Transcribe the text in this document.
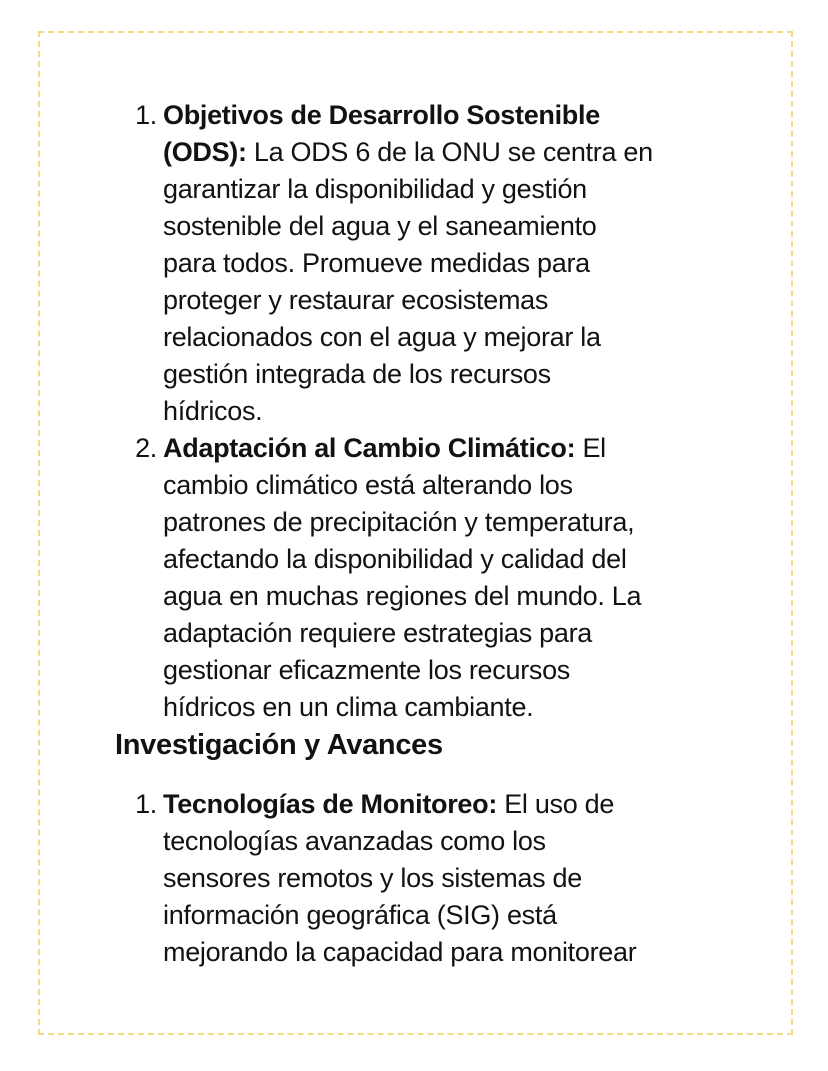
1. Objetivos de Desarrollo Sostenible
(ODS): La ODS 6 de la ONU se centra en
garantizar la disponibilidad y gestión
sostenible del agua y el saneamiento
para todos. Promueve medidas para
proteger y restaurar ecosistemas
relacionados con el agua y mejorar la
gestión integrada de los recursos
hídricos.
2. Adaptación al Cambio Climático: El
cambio climático está alterando los
patrones de precipitación y temperatura,
afectando la disponibilidad y calidad del
agua en muchas regiones del mundo. La
adaptación requiere estrategias para
gestionar eficazmente los recursos
hídricos en un clima cambiante.
Investigación y Avances
1. Tecnologías de Monitoreo: El uso de
tecnologías avanzadas como los
sensores remotos y los sistemas de
información geográfica (SIG) está
mejorando la capacidad para monitorear
